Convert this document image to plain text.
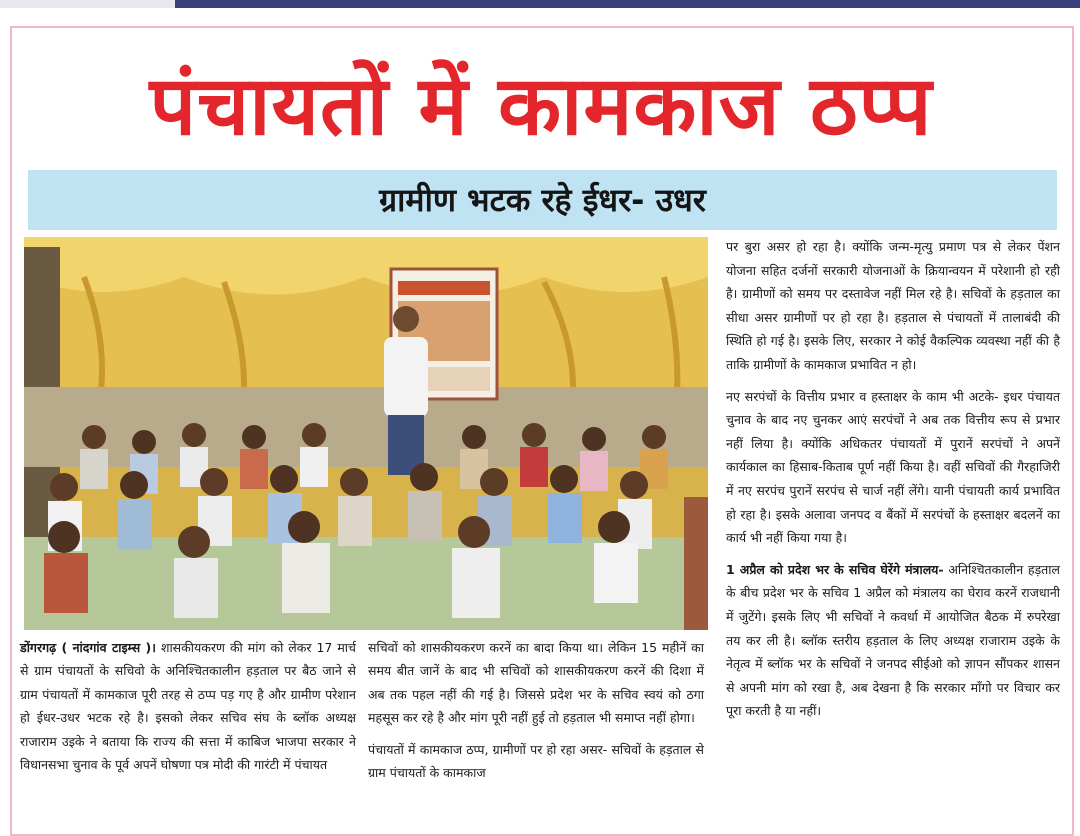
पंचायतों में कामकाज ठप्प
ग्रामीण भटक रहे ईधर- उधर

डोंगरगढ़ ( नांदगांव टाइम्स )। शासकीयकरण की मांग को लेकर 17 मार्च से ग्राम पंचायतों के सचिवो के अनिश्चितकालीन हड़ताल पर बैठ जाने से ग्राम पंचायतों में कामकाज पूरी तरह से ठप्प पड़ गए है और ग्रामीण परेशान हो ईधर-उधर भटक रहे है। इसको लेकर सचिव संघ के ब्लॉक अध्यक्ष राजाराम उइके ने बताया कि राज्य की सत्ता में काबिज भाजपा सरकार ने विधानसभा चुनाव के पूर्व अपनें घोषणा पत्र मोदी की गारंटी में पंचायत

सचिवों को शासकीयकरण करनें का बादा किया था। लेकिन 15 महीनें का समय बीत जानें के बाद भी सचिवों को शासकीयकरण करनें की दिशा में अब तक पहल नहीं की गई है। जिससे प्रदेश भर के सचिव स्वयं को ठगा महसूस कर रहे है और मांग पूरी नहीं हुई तो हड़ताल भी समाप्त नहीं होगा।

पंचायतों में कामकाज ठप्प, ग्रामीणों पर हो रहा असर- सचिवों के हड़ताल से ग्राम पंचायतों के कामकाज

पर बुरा असर हो रहा है। क्योंकि जन्म-मृत्यु प्रमाण पत्र से लेकर पेंशन योजना सहित दर्जनों सरकारी योजनाओं के क्रियान्वयन में परेशानी हो रही है। ग्रामीणों को समय पर दस्तावेज नहीं मिल रहे है। सचिवों के हड़ताल का सीधा असर ग्रामीणों पर हो रहा है। हड़ताल से पंचायतों में तालाबंदी की स्थिति हो गई है। इसके लिए, सरकार ने कोई वैकल्पिक व्यवस्था नहीं की है ताकि ग्रामीणों के कामकाज प्रभावित न हो।

नए सरपंचों के वित्तीय प्रभार व हस्ताक्षर के काम भी अटके- इधर पंचायत चुनाव के बाद नए चुनकर आएं सरपंचों ने अब तक वित्तीय रूप से प्रभार नहीं लिया है। क्योंकि अधिकतर पंचायतों में पुरानें सरपंचों ने अपनें कार्यकाल का हिसाब-किताब पूर्ण नहीं किया है। वहीं सचिवों की गैरहाजिरी में नए सरपंच पुरानें सरपंच से चार्ज नहीं लेंगे। यानी पंचायती कार्य प्रभावित हो रहा है। इसके अलावा जनपद व बैंकों में सरपंचों के हस्ताक्षर बदलनें का कार्य भी नहीं किया गया है।

1 अप्रैल को प्रदेश भर के सचिव घेरेंगे मंत्रालय- अनिश्चितकालीन हड़ताल के बीच प्रदेश भर के सचिव 1 अप्रैल को मंत्रालय का घेराव करनें राजधानी में जुटेंगे। इसके लिए भी सचिवों ने कवर्धा में आयोजित बैठक में रुपरेखा तय कर ली है। ब्लॉक स्तरीय हड़ताल के लिए अध्यक्ष राजाराम उइके के नेतृत्व में ब्लॉक भर के सचिवों ने जनपद सीईओ को ज्ञापन सौंपकर शासन से अपनी मांग को रखा है, अब देखना है कि सरकार माँगो पर विचार कर पूरा करती है या नहीं।
